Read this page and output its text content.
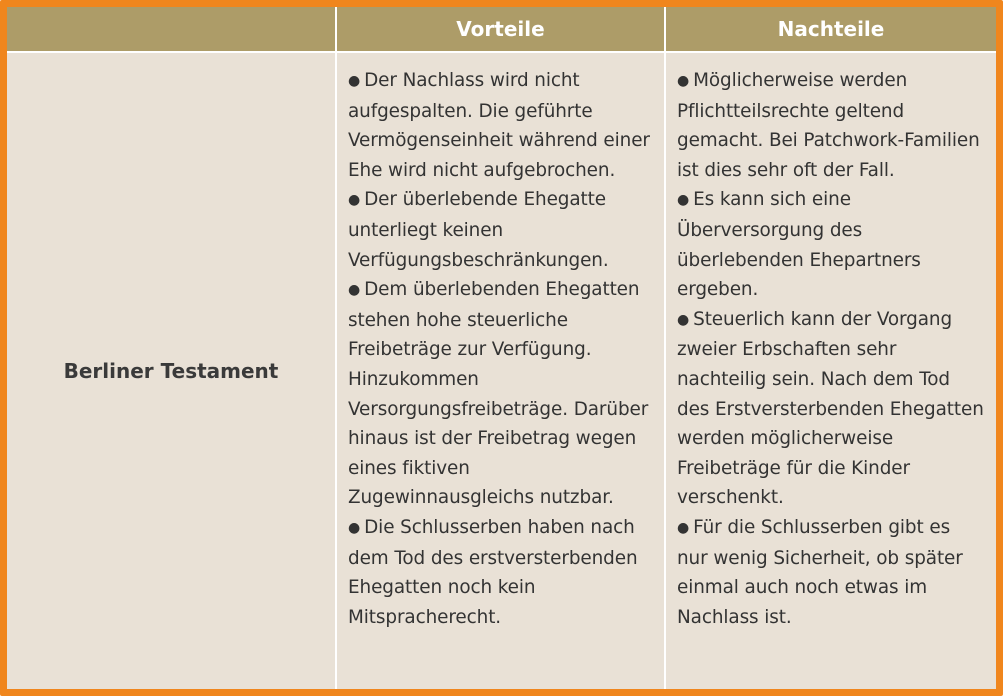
Vorteile	Nachteile
Berliner Testament
● Der Nachlass wird nicht aufgespalten. Die geführte Vermögenseinheit während einer Ehe wird nicht aufgebrochen.
● Der überlebende Ehegatte unterliegt keinen Verfügungsbeschränkungen.
● Dem überlebenden Ehegatten stehen hohe steuerliche Freibeträge zur Verfügung. Hinzukommen Versorgungsfreibeträge. Darüber hinaus ist der Freibetrag wegen eines fiktiven Zugewinnausgleichs nutzbar.
● Die Schlusserben haben nach dem Tod des erstversterbenden Ehegatten noch kein Mitspracherecht.
● Möglicherweise werden Pflichtteilsrechte geltend gemacht. Bei Patchwork-Familien ist dies sehr oft der Fall.
● Es kann sich eine Überversorgung des überlebenden Ehepartners ergeben.
● Steuerlich kann der Vorgang zweier Erbschaften sehr nachteilig sein. Nach dem Tod des Erstversterbenden Ehegatten werden möglicherweise Freibeträge für die Kinder verschenkt.
● Für die Schlusserben gibt es nur wenig Sicherheit, ob später einmal auch noch etwas im Nachlass ist.
